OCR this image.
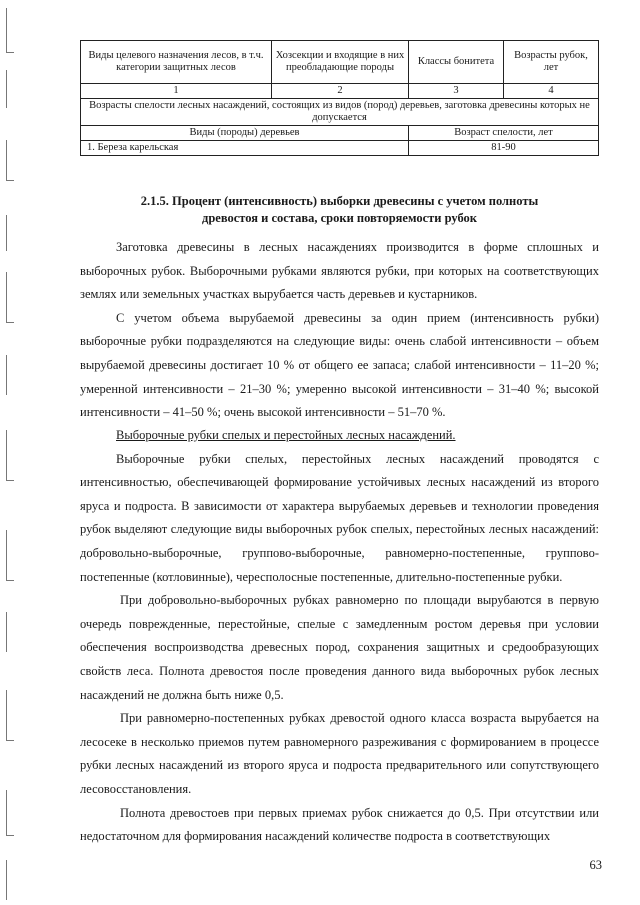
Виды целевого назначения лесов, в т.ч. категории защитных лесов	Хозсекции и входящие в них преобладающие породы	Классы бонитета	Возрасты рубок, лет
1	2	3	4
Возрасты спелости лесных насаждений, состоящих из видов (пород) деревьев, заготовка древесины которых не допускается			
Виды (породы) деревьев		Возраст спелости, лет	
1. Береза карельская		81-90	
2.1.5. Процент (интенсивность) выборки древесины с учетом полноты
древостоя и состава, сроки повторяемости рубок

Заготовка древесины в лесных насаждениях производится в форме сплошных и выборочных рубок. Выборочными рубками являются рубки, при которых на соответствующих землях или земельных участках вырубается часть деревьев и кустарников.

С учетом объема вырубаемой древесины за один прием (интенсивность рубки) выборочные рубки подразделяются на следующие виды: очень слабой интенсивности – объем вырубаемой древесины достигает 10 % от общего ее запаса; слабой интенсивности – 11–20 %; умеренной интенсивности – 21–30 %; умеренно высокой интенсивности – 31–40 %; высокой интенсивности – 41–50 %; очень высокой интенсивности – 51–70 %.

Выборочные рубки спелых и перестойных лесных насаждений.

Выборочные рубки спелых, перестойных лесных насаждений проводятся с интенсивностью, обеспечивающей формирование устойчивых лесных насаждений из второго яруса и подроста. В зависимости от характера вырубаемых деревьев и технологии проведения рубок выделяют следующие виды выборочных рубок спелых, перестойных лесных насаждений: добровольно-выборочные, группово-выборочные, равномерно-постепенные, группово-постепенные (котловинные), чересполосные постепенные, длительно-постепенные рубки.

При добровольно-выборочных рубках равномерно по площади вырубаются в первую очередь поврежденные, перестойные, спелые с замедленным ростом деревья при условии обеспечения воспроизводства древесных пород, сохранения защитных и средообразующих свойств леса. Полнота древостоя после проведения данного вида выборочных рубок лесных насаждений не должна быть ниже 0,5.

При равномерно-постепенных рубках древостой одного класса возраста вырубается на лесосеке в несколько приемов путем равномерного разреживания с формированием в процессе рубки лесных насаждений из второго яруса и подроста предварительного или сопутствующего лесовосстановления.

Полнота древостоев при первых приемах рубок снижается до 0,5. При отсутствии или недостаточном для формирования насаждений количестве подроста в соответствующих

63
